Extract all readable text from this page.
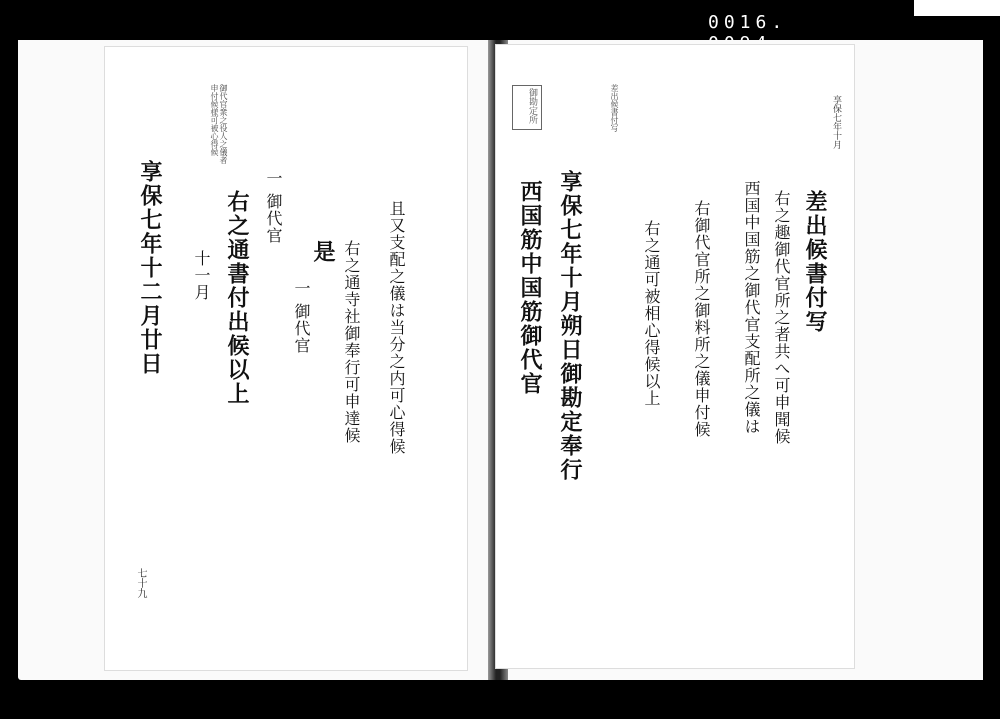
0016.
御代官衆之役人之儀者申付候様可被心得候
享保七年十二月廿日 十一月 右之通書付出候以上 一 御代官
一 御代官
是 右之通寺社御奉行可申達候 且又支配之儀は当分之内可心得候
七十九
享保七年十月
御勘定所	差出候書付写
差出候書付写
右之趣御代官所之者共へ可申聞候
西国中国筋之御代官支配所之儀は
右御代官所之御料所之儀申付候
右之通可被相心得候以上
享保七年十月朔日御勘定奉行
西国筋中国筋御代官
